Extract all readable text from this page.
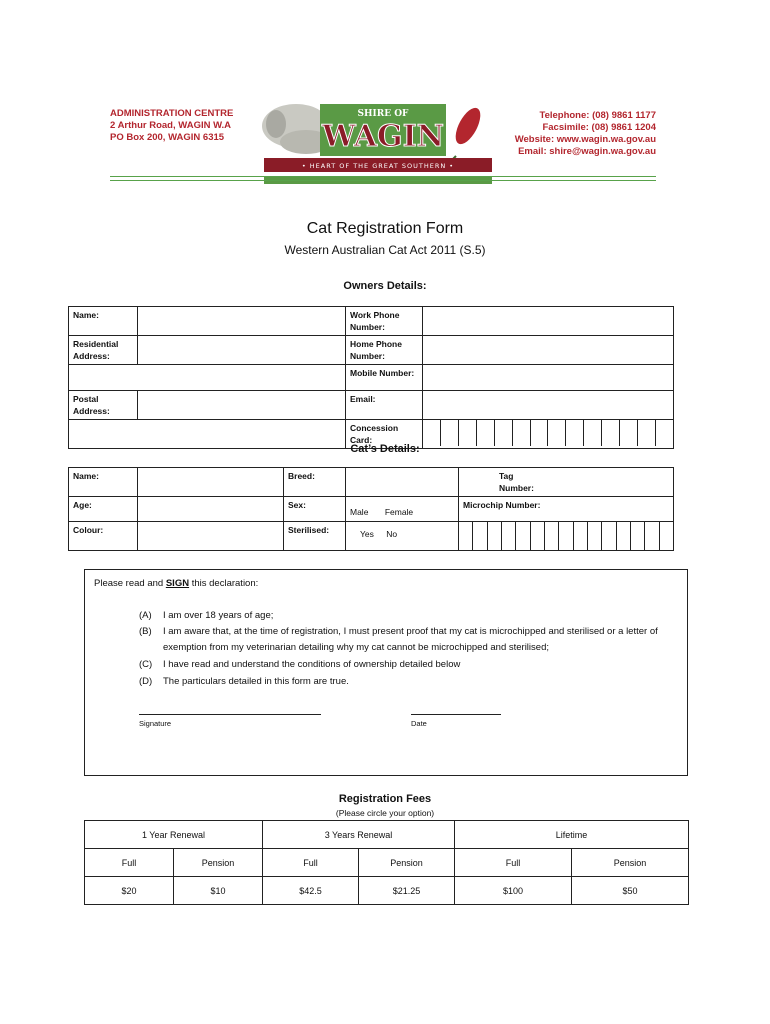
ADMINISTRATION CENTRE
2 Arthur Road, WAGIN W.A
PO Box 200, WAGIN 6315
SHIRE OF
WAGIN
• HEART OF THE GREAT SOUTHERN •
Telephone: (08) 9861 1177
Facsimile: (08) 9861 1204
Website: www.wagin.wa.gov.au
Email: shire@wagin.wa.gov.au
Cat Registration Form
Western Australian Cat Act 2011 (S.5)
Owners Details:
Name:		Work Phone Number:	
Residential Address:		Home Phone Number:	
		Mobile Number:	
Postal Address:		Email:	
		Concession Card:	
Cat’s Details:
Name:		Breed:		Tag Number:
Age:		Sex:	Male Female	Microchip Number:
Colour:		Sterilised:	Yes No	
Please read and SIGN this declaration:
(A)	I am over 18 years of age;
(B)	I am aware that, at the time of registration, I must present proof that my cat is microchipped and sterilised or a letter of exemption from my veterinarian detailing why my cat cannot be microchipped and sterilised;
(C)	I have read and understand the conditions of ownership detailed below
(D)	The particulars detailed in this form are true.
Signature	Date
Registration Fees
(Please circle your option)
1 Year Renewal		3 Years Renewal		Lifetime	
Full	Pension	Full	Pension	Full	Pension
$20	$10	$42.5	$21.25	$100	$50
